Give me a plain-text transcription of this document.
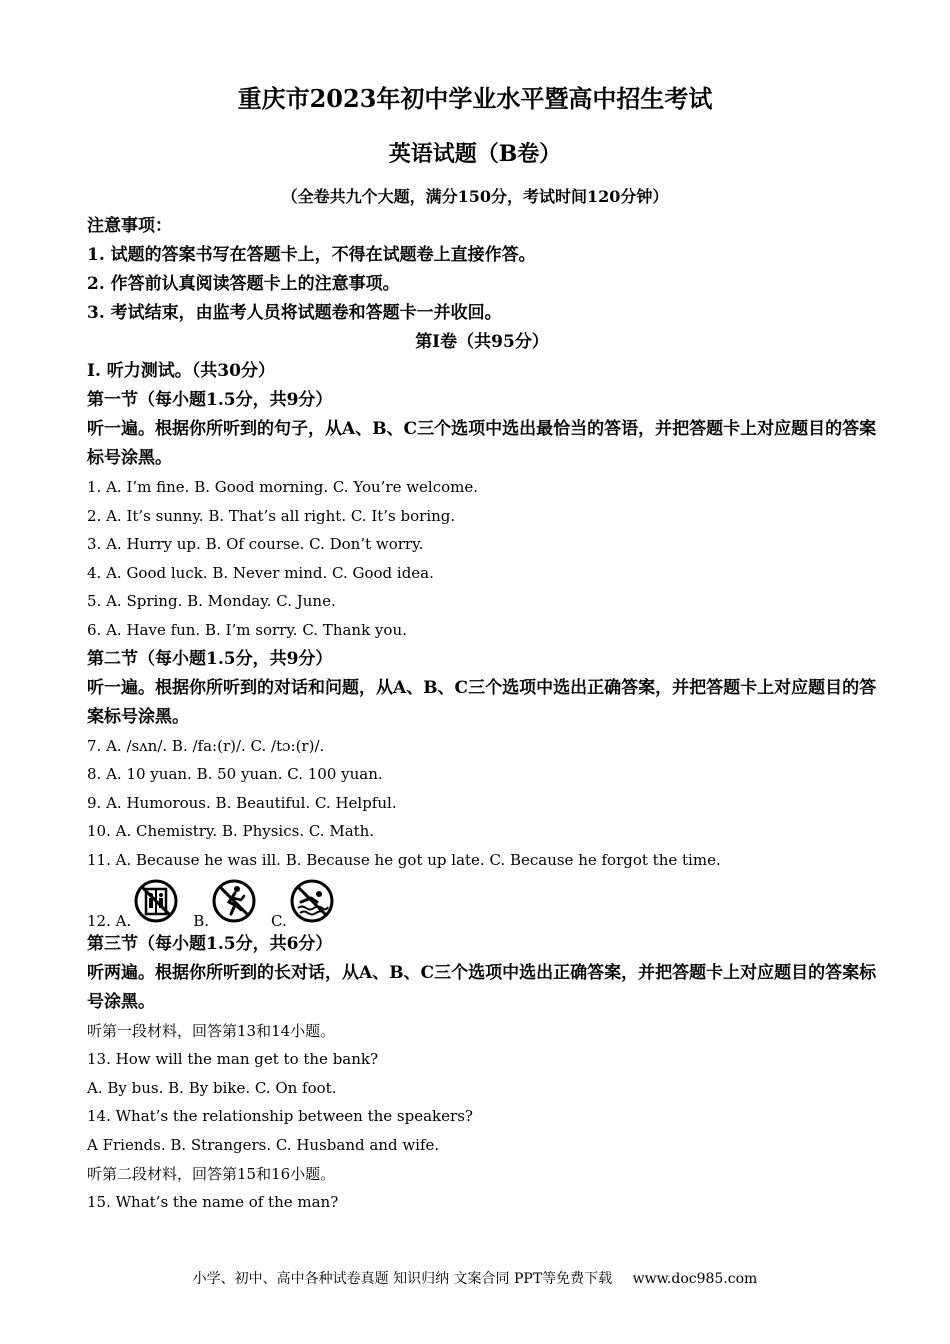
重庆市2023年初中学业水平暨高中招生考试
英语试题（B卷）
（全卷共九个大题，满分150分，考试时间120分钟）
注意事项：
1. 试题的答案书写在答题卡上，不得在试题卷上直接作答。
2. 作答前认真阅读答题卡上的注意事项。
3. 考试结束，由监考人员将试题卷和答题卡一并收回。
第Ⅰ卷（共95分）
Ⅰ. 听力测试。（共30分）
第一节（每小题1.5分，共9分）
听一遍。根据你所听到的句子，从A、B、C三个选项中选出最恰当的答语，并把答题卡上对应题目的答案标号涂黑。
1. A. I’m fine. B. Good morning. C. You’re welcome.
2. A. It’s sunny. B. That’s all right. C. It’s boring.
3. A. Hurry up. B. Of course. C. Don’t worry.
4. A. Good luck. B. Never mind. C. Good idea.
5. A. Spring. B. Monday. C. June.
6. A. Have fun. B. I’m sorry. C. Thank you.
第二节（每小题1.5分，共9分）
听一遍。根据你所听到的对话和问题，从A、B、C三个选项中选出正确答案，并把答题卡上对应题目的答案标号涂黑。
7. A. /sʌn/. B. /fa:(r)/. C. /tɔ:(r)/.
8. A. 10 yuan. B. 50 yuan. C. 100 yuan.
9. A. Humorous. B. Beautiful. C. Helpful.
10. A. Chemistry. B. Physics. C. Math.
11. A. Because he was ill. B. Because he got up late. C. Because he forgot the time.
12. A.	B.	C.
第三节（每小题1.5分，共6分）
听两遍。根据你所听到的长对话，从A、B、C三个选项中选出正确答案，并把答题卡上对应题目的答案标号涂黑。
听第一段材料，回答第13和14小题。
13. How will the man get to the bank?
A. By bus. B. By bike. C. On foot.
14. What’s the relationship between the speakers?
A Friends. B. Strangers. C. Husband and wife.
听第二段材料，回答第15和16小题。
15. What’s the name of the man?
小学、初中、高中各种试卷真题 知识归纳 文案合同 PPT等免费下载 www.doc985.com
